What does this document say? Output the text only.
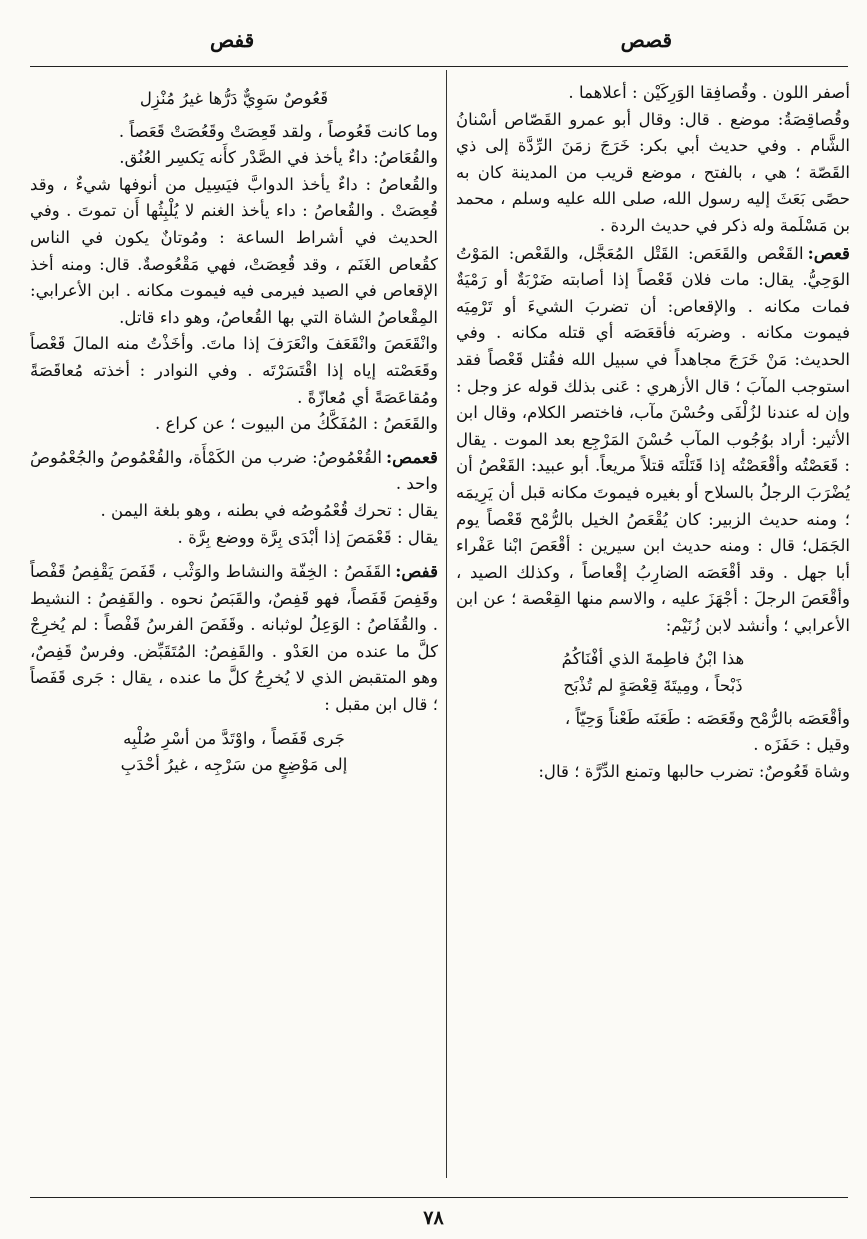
قصص
قفص

أصفر اللون . وقُصافِقا الوَرِكَيْن : أعلاهما .

وقُصاقِصَةُ: موضع . قال: وقال أبو عمرو القَصّاص أسْنانُ الشَّام . وفي حديث أبي بكر: خَرَجَ زمَنَ الرِّدَّة إلى ذي القَصّة ؛ هي ، بالفتح ، موضع قريب من المدينة كان به حصًى بَعَثَ إليه رسول الله، صلى الله عليه وسلم ، محمد بن مَسْلَمة وله ذكر في حديث الردة .

قعص:القَعْص والقَعَص: القَتْل المُعَجَّل، والقَعْص: المَوْتُ الوَحِيُّ. يقال: مات فلان قَعْصاً إذا أصابته ضَرْبَةٌ أو رَمْيَةٌ فمات مكانه . والإقعاص: أن تضربَ الشيءَ أو تَرْمِيَه فيموت مكانه . وضربَه فأقعَصَه أي قتله مكانه . وفي الحديث: مَنْ خَرَجَ مجاهداً في سبيل الله فقُتل قَعْصاً فقد استوجب المآبَ ؛ قال الأزهري : عَنى بذلك قوله عز وجل : وإن له عندنا لزُلْفَى وحُسْنَ مآب، فاختصر الكلام، وقال ابن الأثير: أراد بوُجُوب المآب حُسْنَ المَرْجِع بعد الموت . يقال : قَعَصْتُه وأقْعَصْتُه إذا قَتَلْتَه قتلاً مريعاً. أبو عبيد: القَعْصُ أن يُضْرَبَ الرجلُ بالسلاح أو بغيره فيموتَ مكانه قبل أن يَرِيمَه ؛ ومنه حديث الزبير: كان يُقْعَصُ الخيل بالرُّمْح قَعْصاً يوم الجَمَل؛ قال : ومنه حديث ابن سيرين : أقْعَصَ ابْنا عَفْراء أبا جهل . وقد أقْعَصَه الضارِبُ إقْعاصاً ، وكذلك الصيد ، وأقْعَصَ الرجلَ : أجْهَزَ عليه ، والاسم منها القِعْصة ؛ عن ابن الأعرابي ؛ وأنشد لابن زُنَيْم:

هذا ابْنُ فاطِمةَ الذي أفْنَاكُمُ
ذَبْحاً ، ومِيتَةَ قِعْصَةٍ لم تُذْبَح

وأقْعَصَه بالرُّمْح وقَعَصَه : طَعَنَه طَعْناً وَحِيّاً ،

وقيل : حَفَزَه .

وشاة قَعُوصٌ: تضرب حالبها وتمنع الدِّرَّة ؛ قال:

قَعُوصٌ سَوِيٌّ دَرُّها غيرُ مُنْزِل

وما كانت قَعُوصاً ، ولقد قَعِصَتْ وقَعُصَتْ قَعَصاً .

والقُعَاصُ: داءٌ يأخذ في الصَّدْر كأَنه يَكسِر العُنُق.

والقُعاصُ : داءٌ يأخذ الدوابَّ فيَسِيل من أنوفها شيءٌ ، وقد قُعِصَتْ . والقُعاصُ : داء يأخذ الغنم لا يُلْبِثُها أَن تموتَ . وفي الحديث في أشراط الساعة : ومُوتانٌ يكون في الناس كقُعاص الغَنَم ، وقد قُعِصَتْ، فهي مَقْعُوصةٌ. قال: ومنه أخذ الإقعاص في الصيد فيرمى فيه فيموت مكانه . ابن الأعرابي: المِقْعاصُ الشاة التي بها القُعاصُ، وهو داء قاتل.

وانْقَعَصَ وانْقَعَفَ وانْعَرَفَ إذا ماتَ. وأخَذْتُ منه المالَ قَعْصاً وقَعَصْته إياه إذا اقْتَسَرْتَه . وفي النوادر : أخذته مُعاقَصَةً ومُقاعَصَةً أي مُعازّةً .

والقَعَصُ : المُفَكَّكُ من البيوت ؛ عن كراع .

قعمص:القُعْمُوصُ: ضرب من الكَمْأَة، والقُعْمُوصُ والجُعْمُوصُ واحد .

يقال : تحرك قُعْمُوصُه في بطنه ، وهو بلغة اليمن .

يقال : قَعْمَصَ إذا أبْدَى بِرَّة ووضع بِرَّة .

قفص:القَفَصُ : الخِفّة والنشاط والوَثْب ، قَفَصَ يَقْفِصُ قَفْصاً وقَفِصَ قَفَصاً، فهو قَفِصٌ، والقَبَصُ نحوه . والقَفِصُ : النشيط . والقُفَاصُ : الوَعِلُ لوثبانه . وقَفَصَ الفرسُ قَفْصاً : لم يُخرِجْ كلَّ ما عنده من العَدْو . والقَفِصُ: المُتَقَبِّض. وفرسٌ قَفِصٌ، وهو المتقبض الذي لا يُخرِجُ كلَّ ما عنده ، يقال : جَرى قَفَصاً ؛ قال ابن مقبل :

جَرى قَفَصاً ، واوْتَدَّ من أسْرِ صُلْبِه
إلى مَوْضِعٍ من سَرْجِه ، غيرُ أحْدَبِ
٧٨
